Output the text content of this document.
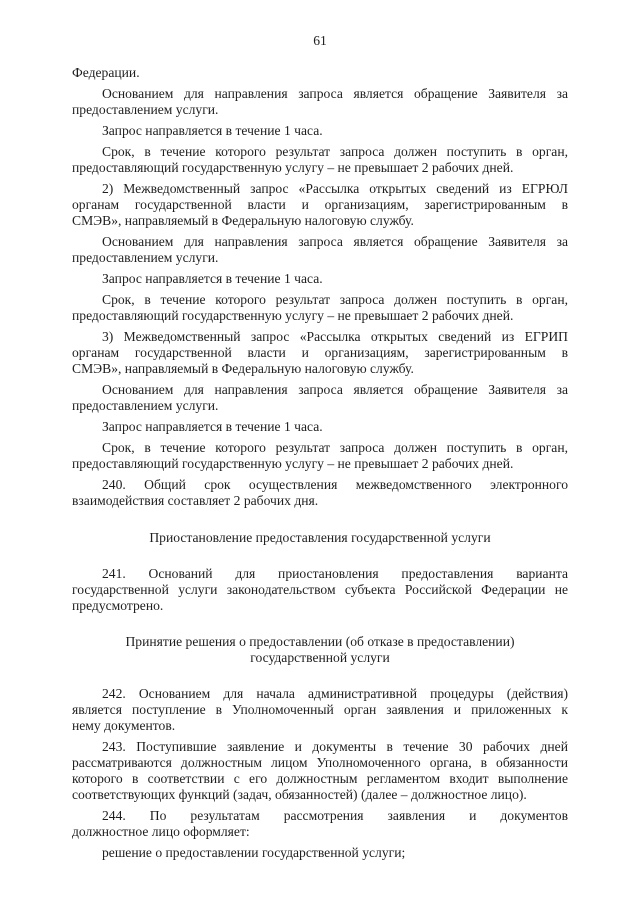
61
Федерации.
Основанием для направления запроса является обращение Заявителя за
предоставлением услуги.
Запрос направляется в течение 1 часа.
Срок, в течение которого результат запроса должен поступить в орган,
предоставляющий государственную услугу – не превышает 2 рабочих дней.
2) Межведомственный запрос «Рассылка открытых сведений из ЕГРЮЛ
органам государственной власти и организациям, зарегистрированным в
СМЭВ», направляемый в Федеральную налоговую службу.
Основанием для направления запроса является обращение Заявителя за
предоставлением услуги.
Запрос направляется в течение 1 часа.
Срок, в течение которого результат запроса должен поступить в орган,
предоставляющий государственную услугу – не превышает 2 рабочих дней.
3) Межведомственный запрос «Рассылка открытых сведений из ЕГРИП
органам государственной власти и организациям, зарегистрированным в
СМЭВ», направляемый в Федеральную налоговую службу.
Основанием для направления запроса является обращение Заявителя за
предоставлением услуги.
Запрос направляется в течение 1 часа.
Срок, в течение которого результат запроса должен поступить в орган,
предоставляющий государственную услугу – не превышает 2 рабочих дней.
240. Общий срок осуществления межведомственного электронного
взаимодействия составляет 2 рабочих дня.
Приостановление предоставления государственной услуги
241. Оснований для приостановления предоставления варианта
государственной услуги законодательством субъекта Российской Федерации не
предусмотрено.
Принятие решения о предоставлении (об отказе в предоставлении)
государственной услуги
242. Основанием для начала административной процедуры (действия)
является поступление в Уполномоченный орган заявления и приложенных к
нему документов.
243. Поступившие заявление и документы в течение 30 рабочих дней
рассматриваются должностным лицом Уполномоченного органа, в обязанности
которого в соответствии с его должностным регламентом входит выполнение
соответствующих функций (задач, обязанностей) (далее – должностное лицо).
244. По результатам рассмотрения заявления и документов
должностное лицо оформляет:
решение о предоставлении государственной услуги;
